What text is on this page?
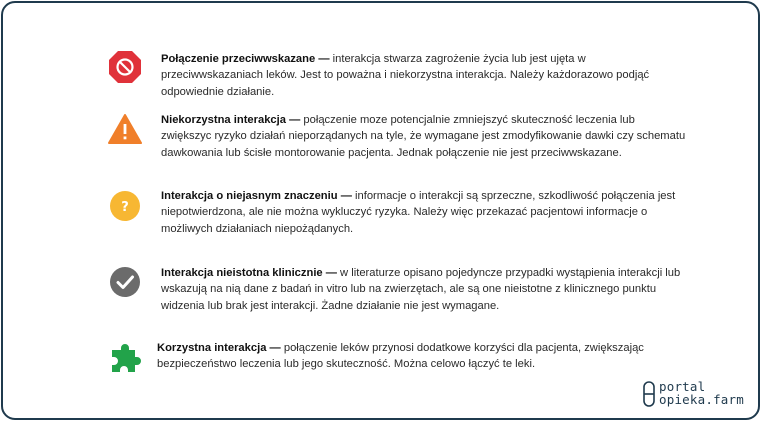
Połączenie przeciwwskazane — interakcja stwarza zagrożenie życia lub jest ujęta w przeciwwskazaniach leków. Jest to poważna i niekorzystna interakcja. Należy każdorazowo podjąć odpowiednie działanie.
Niekorzystna interakcja — połączenie moze potencjalnie zmniejszyć skuteczność leczenia lub zwiększyc ryzyko działań nieporządanych na tyle, że wymagane jest zmodyfikowanie dawki czy schematu dawkowania lub ścisłe montorowanie pacjenta. Jednak połączenie nie jest przeciwwskazane.
?
Interakcja o niejasnym znaczeniu — informacje o interakcji są sprzeczne, szkodliwość połączenia jest niepotwierdzona, ale nie można wykluczyć ryzyka. Należy więc przekazać pacjentowi informacje o możliwych działaniach niepożądanych.
Interakcja nieistotna klinicznie — w literaturze opisano pojedyncze przypadki wystąpienia interakcji lub wskazują na nią dane z badań in vitro lub na zwierzętach, ale są one nieistotne z klinicznego punktu widzenia lub brak jest interakcji. Żadne działanie nie jest wymagane.
Korzystna interakcja — połączenie leków przynosi dodatkowe korzyści dla pacjenta, zwiększając bezpieczeństwo leczenia lub jego skuteczność. Można celowo łączyć te leki.
portal
opieka.farm
